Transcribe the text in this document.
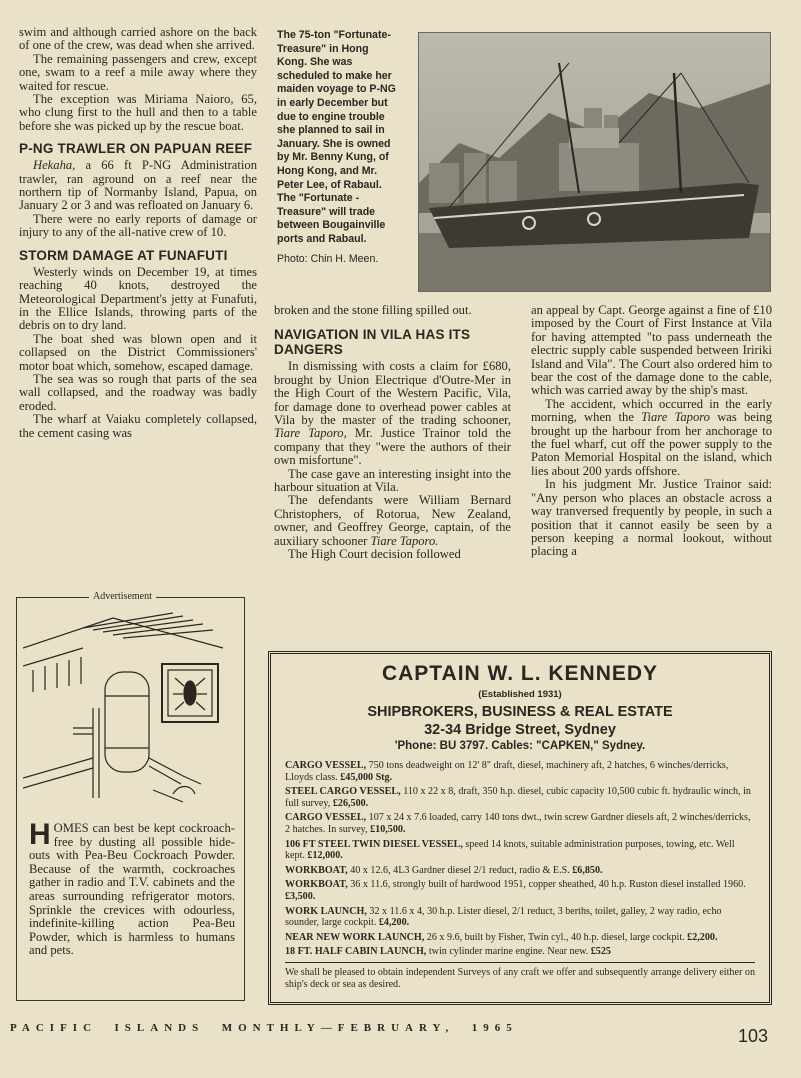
swim and although carried ashore on the back of one of the crew, was dead when she arrived.

The remaining passengers and crew, except one, swam to a reef a mile away where they waited for rescue.

The exception was Miriama Naioro, 65, who clung first to the hull and then to a table before she was picked up by the rescue boat.

P-NG TRAWLER ON PAPUAN REEF

Hekaha, a 66 ft P-NG Administration trawler, ran aground on a reef near the northern tip of Normanby Island, Papua, on January 2 or 3 and was refloated on January 6.

There were no early reports of damage or injury to any of the all-native crew of 10.

STORM DAMAGE AT FUNAFUTI

Westerly winds on December 19, at times reaching 40 knots, destroyed the Meteorological Department's jetty at Funafuti, in the Ellice Islands, throwing parts of the debris on to dry land.

The boat shed was blown open and it collapsed on the District Commissioners' motor boat which, somehow, escaped damage.

The sea was so rough that parts of the sea wall collapsed, and the roadway was badly eroded.

The wharf at Vaiaku completely collapsed, the cement casing was

Advertisement
HOMES can best be kept cockroach-free by dusting all possible hide-outs with Pea-Beu Cockroach Powder. Because of the warmth, cockroaches gather in radio and T.V. cabinets and the areas surrounding refrigerator motors. Sprinkle the crevices with odourless, indefinite-killing action Pea-Beu Powder, which is harmless to humans and pets.
The 75-ton "Fortunate-Treasure" in Hong Kong. She was scheduled to make her maiden voyage to P-NG in early December but due to engine trouble she planned to sail in January. She is owned by Mr. Benny Kung, of Hong Kong, and Mr. Peter Lee, of Rabaul. The "Fortunate - Treasure" will trade between Bougainville ports and Rabaul.
Photo: Chin H. Meen.

broken and the stone filling spilled out.

NAVIGATION IN VILA HAS ITS DANGERS

In dismissing with costs a claim for £680, brought by Union Electrique d'Outre-Mer in the High Court of the Western Pacific, Vila, for damage done to overhead power cables at Vila by the master of the trading schooner, Tiare Taporo, Mr. Justice Trainor told the company that they "were the authors of their own misfortune".

The case gave an interesting insight into the harbour situation at Vila.

The defendants were William Bernard Christophers, of Rotorua, New Zealand, owner, and Geoffrey George, captain, of the auxiliary schooner Tiare Taporo.

The High Court decision followed

an appeal by Capt. George against a fine of £10 imposed by the Court of First Instance at Vila for having attempted "to pass underneath the electric supply cable suspended between Iririki Island and Vila". The Court also ordered him to bear the cost of the damage done to the cable, which was carried away by the ship's mast.

The accident, which occurred in the early morning, when the Tiare Taporo was being brought up the harbour from her anchorage to the fuel wharf, cut off the power supply to the Paton Memorial Hospital on the island, which lies about 200 yards offshore.

In his judgment Mr. Justice Trainor said: "Any person who places an obstacle across a way tranversed frequently by people, in such a position that it cannot easily be seen by a person keeping a normal lookout, without placing a

CAPTAIN W. L. KENNEDY
(Established 1931)
SHIPBROKERS, BUSINESS & REAL ESTATE
32-34 Bridge Street, Sydney
'Phone: BU 3797. Cables: "CAPKEN," Sydney.
CARGO VESSEL, 750 tons deadweight on 12' 8" draft, diesel, machinery aft, 2 hatches, 6 winches/derricks, Lloyds class. £45,000 Stg.
STEEL CARGO VESSEL, 110 x 22 x 8, draft, 350 h.p. diesel, cubic capacity 10,500 cubic ft. hydraulic winch, in full survey, £26,500.
CARGO VESSEL, 107 x 24 x 7.6 loaded, carry 140 tons dwt., twin screw Gardner diesels aft, 2 winches/derricks, 2 hatches. In survey, £10,500.
106 FT STEEL TWIN DIESEL VESSEL, speed 14 knots, suitable administration purposes, towing, etc. Well kept. £12,000.
WORKBOAT, 40 x 12.6, 4L3 Gardner diesel 2/1 reduct, radio & E.S. £6,850.
WORKBOAT, 36 x 11.6, strongly built of hardwood 1951, copper sheathed, 40 h.p. Ruston diesel installed 1960. £3,500.
WORK LAUNCH, 32 x 11.6 x 4, 30 h.p. Lister diesel, 2/1 reduct, 3 berths, toilet, galley, 2 way radio, echo sounder, large cockpit. £4,200.
NEAR NEW WORK LAUNCH, 26 x 9.6, built by Fisher, Twin cyl., 40 h.p. diesel, large cockpit. £2,200.
18 FT. HALF CABIN LAUNCH, twin cylinder marine engine. Near new. £525
We shall be pleased to obtain independent Surveys of any craft we offer and subsequently arrange delivery either on ship's deck or sea as desired.
PACIFIC  ISLANDS  MONTHLY—FEBRUARY,  1965	103
